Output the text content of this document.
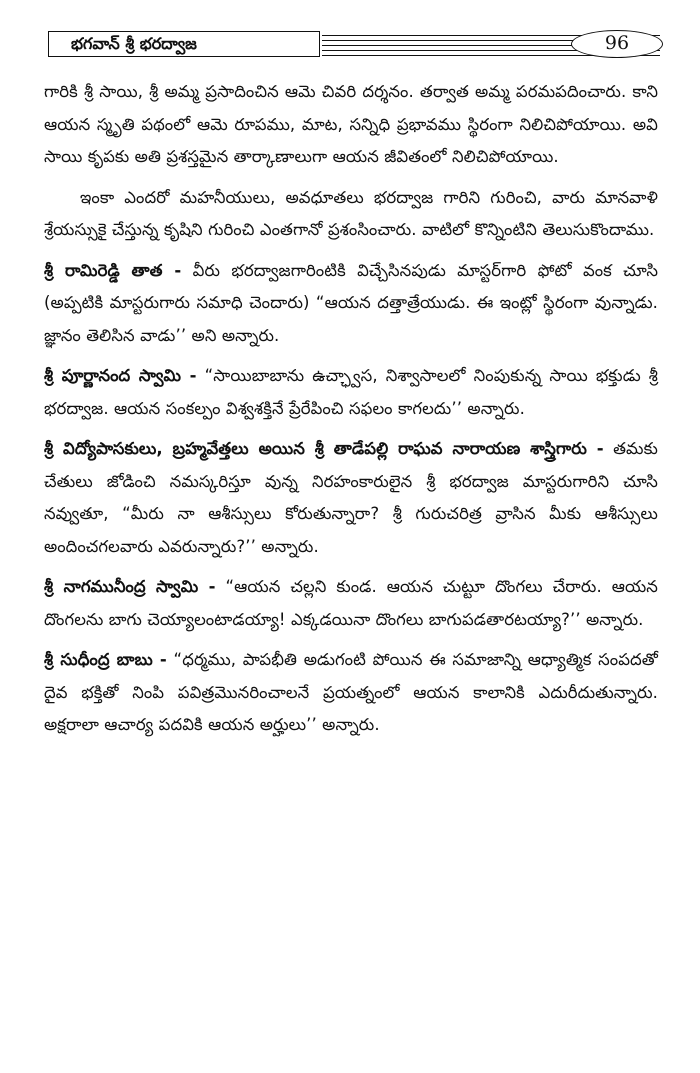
భగవాన్ శ్రీ భరద్వాజ	96

గారికి శ్రీ సాయి, శ్రీ అమ్మ ప్రసాదించిన ఆమె చివరి దర్శనం. తర్వాత అమ్మ పరమపదించారు. కాని ఆయన స్మృతి పథంలో ఆమె రూపము, మాట, సన్నిధి ప్రభావము స్థిరంగా నిలిచిపోయాయి. అవి సాయి కృపకు అతి ప్రశస్తమైన తార్కాణాలుగా ఆయన జీవితంలో నిలిచిపోయాయి.

ఇంకా ఎందరో మహనీయులు, అవధూతలు భరద్వాజ గారిని గురించి, వారు మానవాళి శ్రేయస్సుకై చేస్తున్న కృషిని గురించి ఎంతగానో ప్రశంసించారు. వాటిలో కొన్నింటిని తెలుసుకొందాము.

శ్రీ రామిరెడ్డి తాత - వీరు భరద్వాజగారింటికి విచ్చేసినపుడు మాస్టర్‌గారి ఫోటో వంక చూసి (అప్పటికి మాస్టరుగారు సమాధి చెందారు) “ఆయన దత్తాత్రేయుడు. ఈ ఇంట్లో స్థిరంగా వున్నాడు. జ్ఞానం తెలిసిన వాడు’’ అని అన్నారు.

శ్రీ పూర్ణానంద స్వామి - “సాయిబాబాను ఉచ్ఛ్వాస, నిశ్వాసాలలో నింపుకున్న సాయి భక్తుడు శ్రీ భరద్వాజ. ఆయన సంకల్పం విశ్వశక్తినే ప్రేరేపించి సఫలం కాగలదు’’ అన్నారు.

శ్రీ విద్యోపాసకులు, బ్రహ్మవేత్తలు అయిన శ్రీ తాడేపల్లి రాఘవ నారాయణ శాస్త్రిగారు - తమకు చేతులు జోడించి నమస్కరిస్తూ వున్న నిరహంకారులైన శ్రీ భరద్వాజ మాస్టరుగారిని చూసి నవ్వుతూ, “మీరు నా ఆశీస్సులు కోరుతున్నారా? శ్రీ గురుచరిత్ర వ్రాసిన మీకు ఆశీస్సులు అందించగలవారు ఎవరున్నారు?’’ అన్నారు.

శ్రీ నాగమునీంద్ర స్వామి - “ఆయన చల్లని కుండ. ఆయన చుట్టూ దొంగలు చేరారు. ఆయన దొంగలను బాగు చెయ్యాలంటాడయ్యా! ఎక్కడయినా దొంగలు బాగుపడతారటయ్యా?’’ అన్నారు.

శ్రీ సుధీంద్ర బాబు - “ధర్మము, పాపభీతి అడుగంటి పోయిన ఈ సమాజాన్ని ఆధ్యాత్మిక సంపదతో దైవ భక్తితో నింపి పవిత్రమొనరించాలనే ప్రయత్నంలో ఆయన కాలానికి ఎదురీదుతున్నారు. అక్షరాలా ఆచార్య పదవికి ఆయన అర్హులు’’ అన్నారు.
